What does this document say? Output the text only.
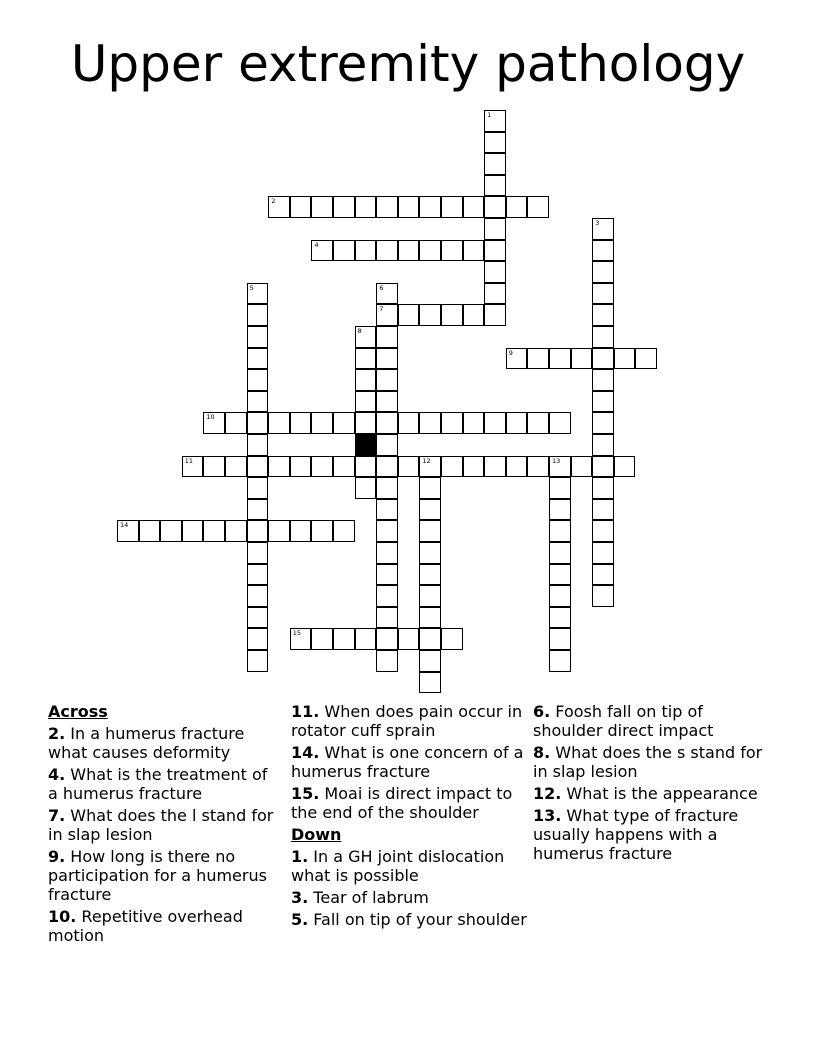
Upper extremity pathology
1
2
3
4
5	6
7
8
9
10
11	12	13
14
15
Across
2. In a humerus fracture what causes deformity
4. What is the treatment of a humerus fracture
7. What does the l stand for in slap lesion
9. How long is there no participation for a humerus fracture
10. Repetitive overhead motion
11. When does pain occur in rotator cuff sprain
14. What is one concern of a humerus fracture
15. Moai is direct impact to the end of the shoulder
Down
1. In a GH joint dislocation what is possible
3. Tear of labrum
5. Fall on tip of your shoulder
6. Foosh fall on tip of shoulder direct impact
8. What does the s stand for in slap lesion
12. What is the appearance
13. What type of fracture usually happens with a humerus fracture
